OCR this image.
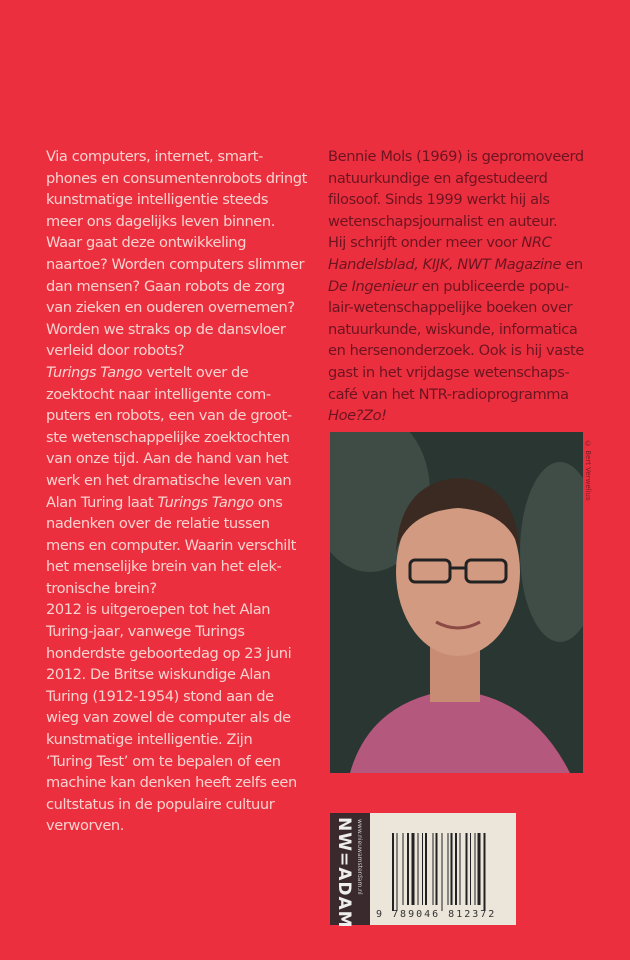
Via computers, internet, smart-

phones en consumentenrobots dringt

kunstmatige intelligentie steeds

meer ons dagelijks leven binnen.

Waar gaat deze ontwikkeling

naartoe? Worden computers slimmer

dan mensen? Gaan robots de zorg

van zieken en ouderen overnemen?

Worden we straks op de dansvloer

verleid door robots?

Turings Tango vertelt over de

zoektocht naar intelligente com-

puters en robots, een van de groot-

ste wetenschappelijke zoektochten

van onze tijd. Aan de hand van het

werk en het dramatische leven van

Alan Turing laat Turings Tango ons

nadenken over de relatie tussen

mens en computer. Waarin verschilt

het menselijke brein van het elek-

tronische brein?

2012 is uitgeroepen tot het Alan

Turing-jaar, vanwege Turings

honderdste geboortedag op 23 juni

2012. De Britse wiskundige Alan

Turing (1912-1954) stond aan de

wieg van zowel de computer als de

kunstmatige intelligentie. Zijn

‘Turing Test’ om te bepalen of een

machine kan denken heeft zelfs een

cultstatus in de populaire cultuur

verworven.

Bennie Mols (1969) is gepromoveerd

natuurkundige en afgestudeerd

filosoof. Sinds 1999 werkt hij als

wetenschapsjournalist en auteur.

Hij schrijft onder meer voor NRC

Handelsblad, KIJK, NWT Magazine en

De Ingenieur en publiceerde popu-

lair-wetenschappelijke boeken over

natuurkunde, wiskunde, informatica

en hersenonderzoek. Ook is hij vaste

gast in het vrijdagse wetenschaps-

café van het NTR-radioprogramma

Hoe?Zo!

© Bert Verwelius
NW=ADAM www.nieuwamsterdam.nl
9 789046 812372
